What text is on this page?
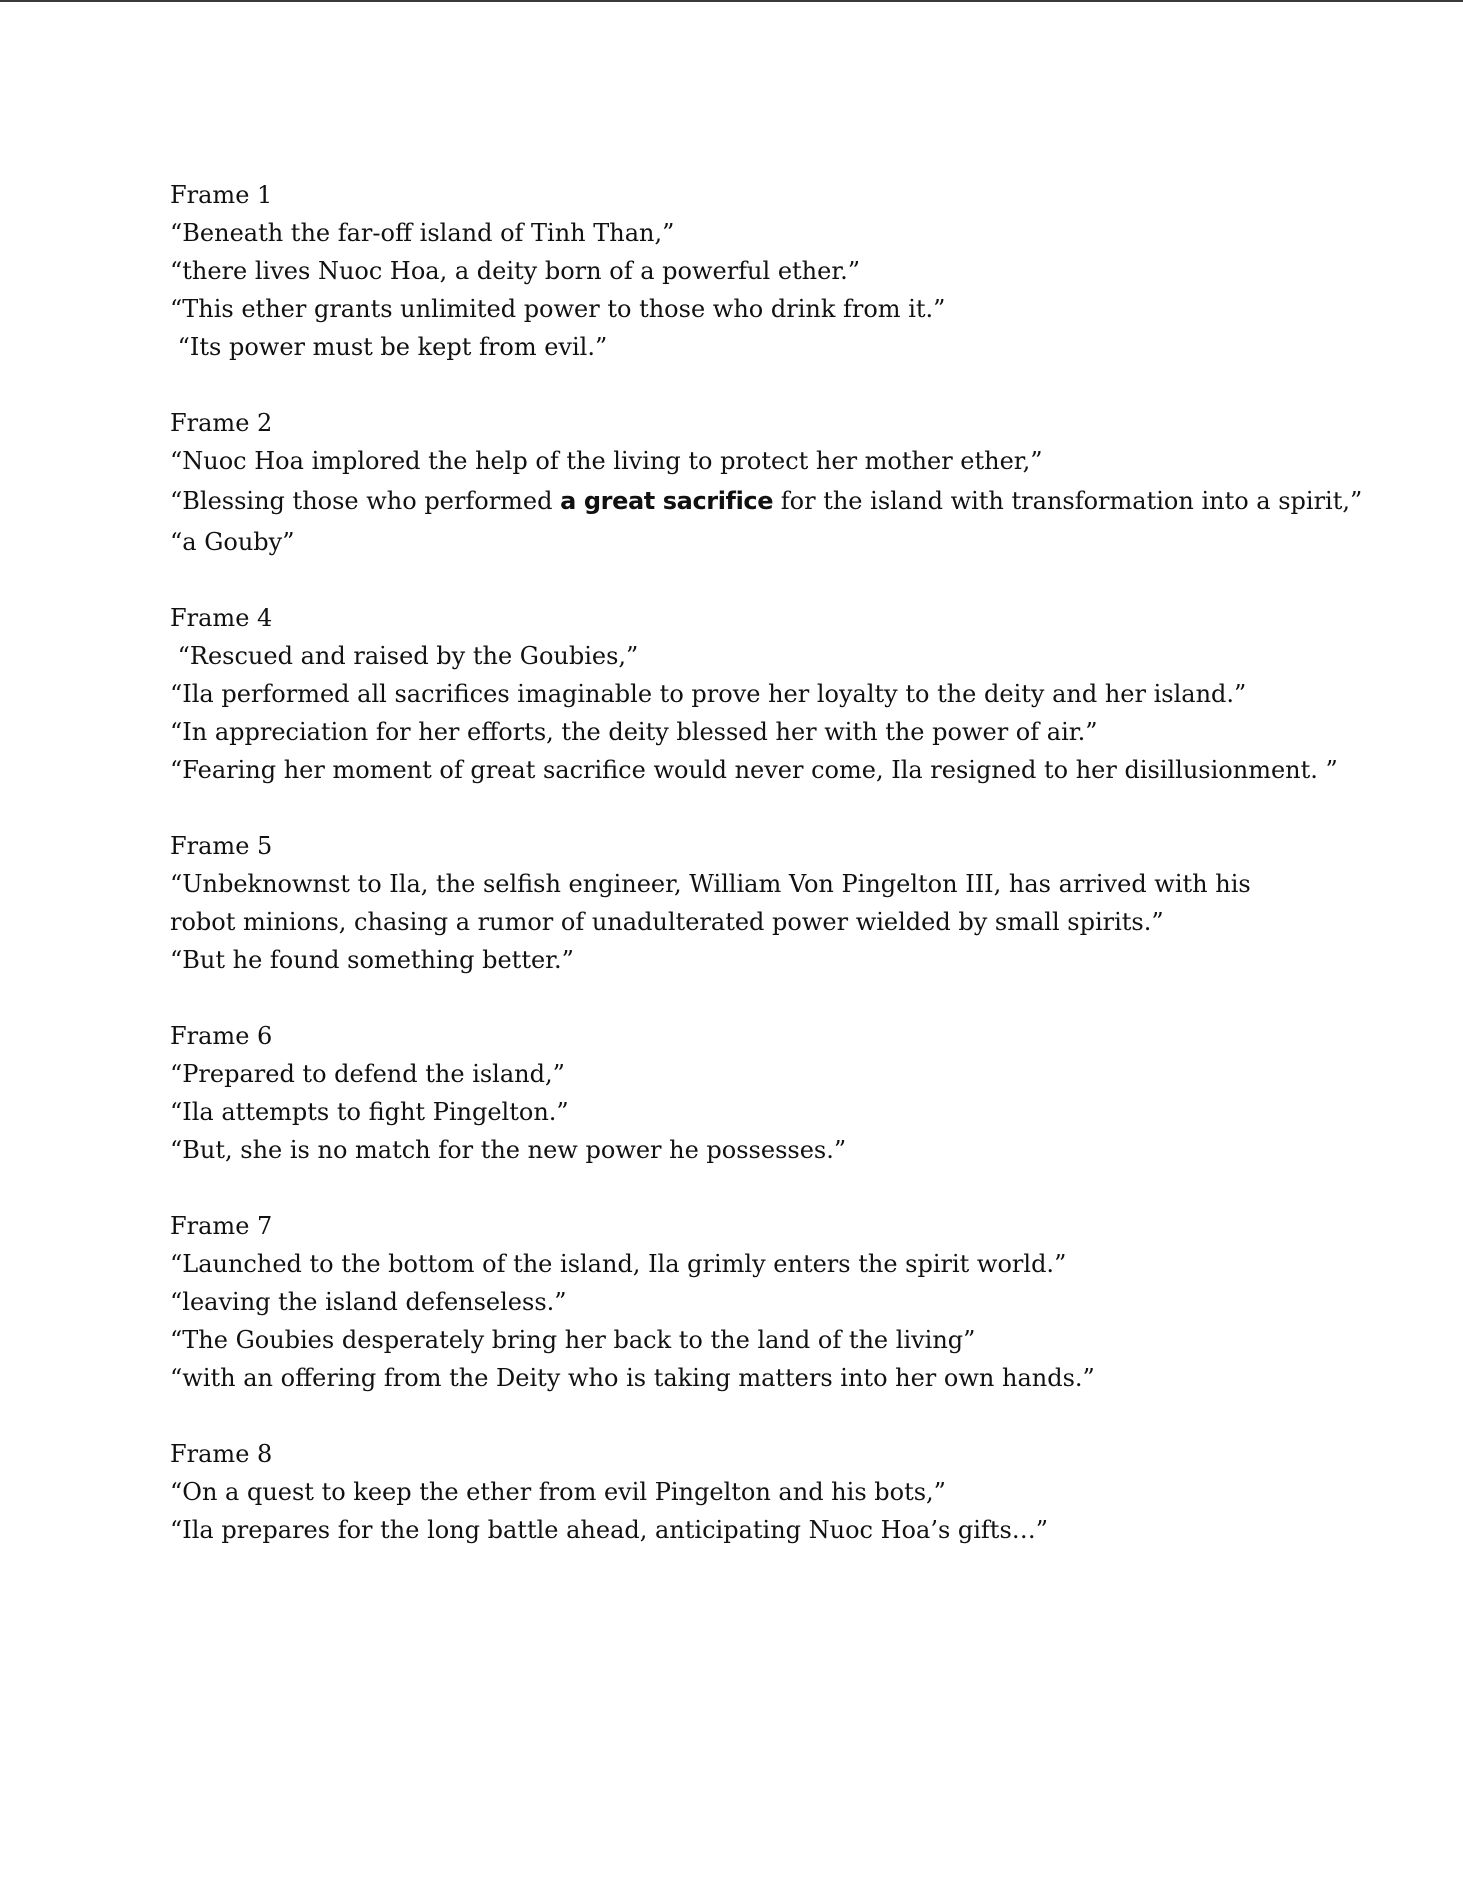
Frame 1
“Beneath the far-off island of Tinh Than,”
“there lives Nuoc Hoa, a deity born of a powerful ether.”
“This ether grants unlimited power to those who drink from it.”
“Its power must be kept from evil.”
Frame 2
“Nuoc Hoa implored the help of the living to protect her mother ether,”
“Blessing those who performed a great sacrifice for the island with transformation into a spirit,”
“a Gouby”
Frame 4
“Rescued and raised by the Goubies,”
“Ila performed all sacrifices imaginable to prove her loyalty to the deity and her island.”
“In appreciation for her efforts, the deity blessed her with the power of air.”
“Fearing her moment of great sacrifice would never come, Ila resigned to her disillusionment. ”
Frame 5
“Unbeknownst to Ila, the selfish engineer, William Von Pingelton III, has arrived with his robot minions, chasing a rumor of unadulterated power wielded by small spirits.”
“But he found something better.”
Frame 6
“Prepared to defend the island,”
“Ila attempts to fight Pingelton.”
“But, she is no match for the new power he possesses.”
Frame 7
“Launched to the bottom of the island, Ila grimly enters the spirit world.”
“leaving the island defenseless.”
“The Goubies desperately bring her back to the land of the living”
“with an offering from the Deity who is taking matters into her own hands.”
Frame 8
“On a quest to keep the ether from evil Pingelton and his bots,”
“Ila prepares for the long battle ahead, anticipating Nuoc Hoa’s gifts…”
